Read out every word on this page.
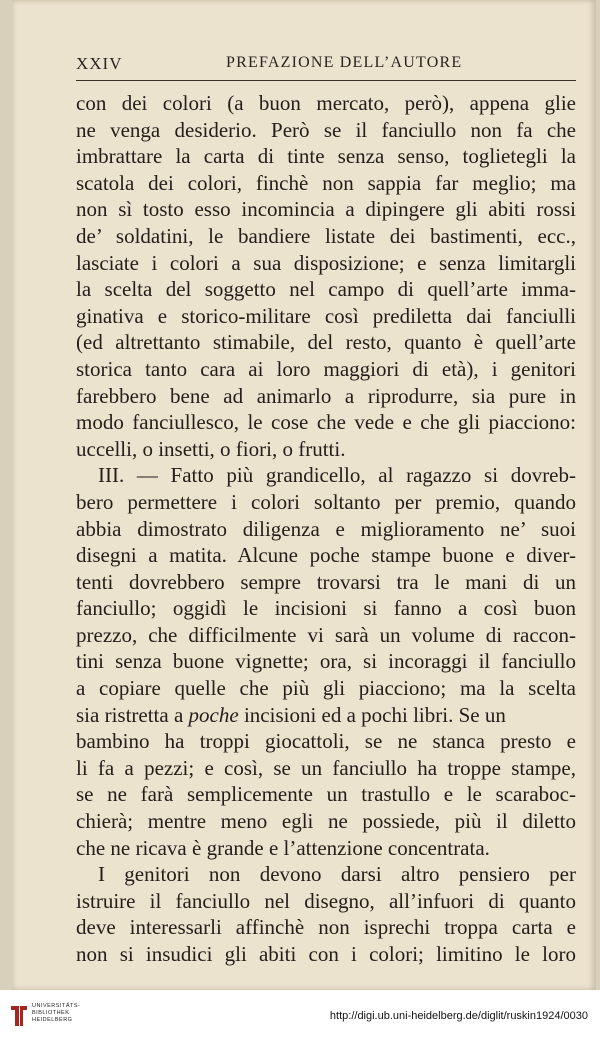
XXIV	PREFAZIONE DELL’AUTORE
con dei colori (a buon mercato, però), appena glie
ne venga desiderio. Però se il fanciullo non fa che
imbrattare la carta di tinte senza senso, toglietegli la
scatola dei colori, finchè non sappia far meglio; ma
non sì tosto esso incomincia a dipingere gli abiti rossi
de’ soldatini, le bandiere listate dei bastimenti, ecc.,
lasciate i colori a sua disposizione; e senza limitargli
la scelta del soggetto nel campo di quell’arte imma-
ginativa e storico-militare così prediletta dai fanciulli
(ed altrettanto stimabile, del resto, quanto è quell’arte
storica tanto cara ai loro maggiori di età), i genitori
farebbero bene ad animarlo a riprodurre, sia pure in
modo fanciullesco, le cose che vede e che gli piacciono:
uccelli, o insetti, o fiori, o frutti.
III. — Fatto più grandicello, al ragazzo si dovreb-
bero permettere i colori soltanto per premio, quando
abbia dimostrato diligenza e miglioramento ne’ suoi
disegni a matita. Alcune poche stampe buone e diver-
tenti dovrebbero sempre trovarsi tra le mani di un
fanciullo; oggidì le incisioni si fanno a così buon
prezzo, che difficilmente vi sarà un volume di raccon-
tini senza buone vignette; ora, si incoraggi il fanciullo
a copiare quelle che più gli piacciono; ma la scelta
sia ristretta a poche incisioni ed a pochi libri. Se un
bambino ha troppi giocattoli, se ne stanca presto e
li fa a pezzi; e così, se un fanciullo ha troppe stampe,
se ne farà semplicemente un trastullo e le scaraboc-
chierà; mentre meno egli ne possiede, più il diletto
che ne ricava è grande e l’attenzione concentrata.
I genitori non devono darsi altro pensiero per
istruire il fanciullo nel disegno, all’infuori di quanto
deve interessarli affinchè non isprechi troppa carta e
non si insudici gli abiti con i colori; limitino le loro
UNIVERSITÄTS-
BIBLIOTHEK
HEIDELBERG	http://digi.ub.uni-heidelberg.de/diglit/ruskin1924/0030
